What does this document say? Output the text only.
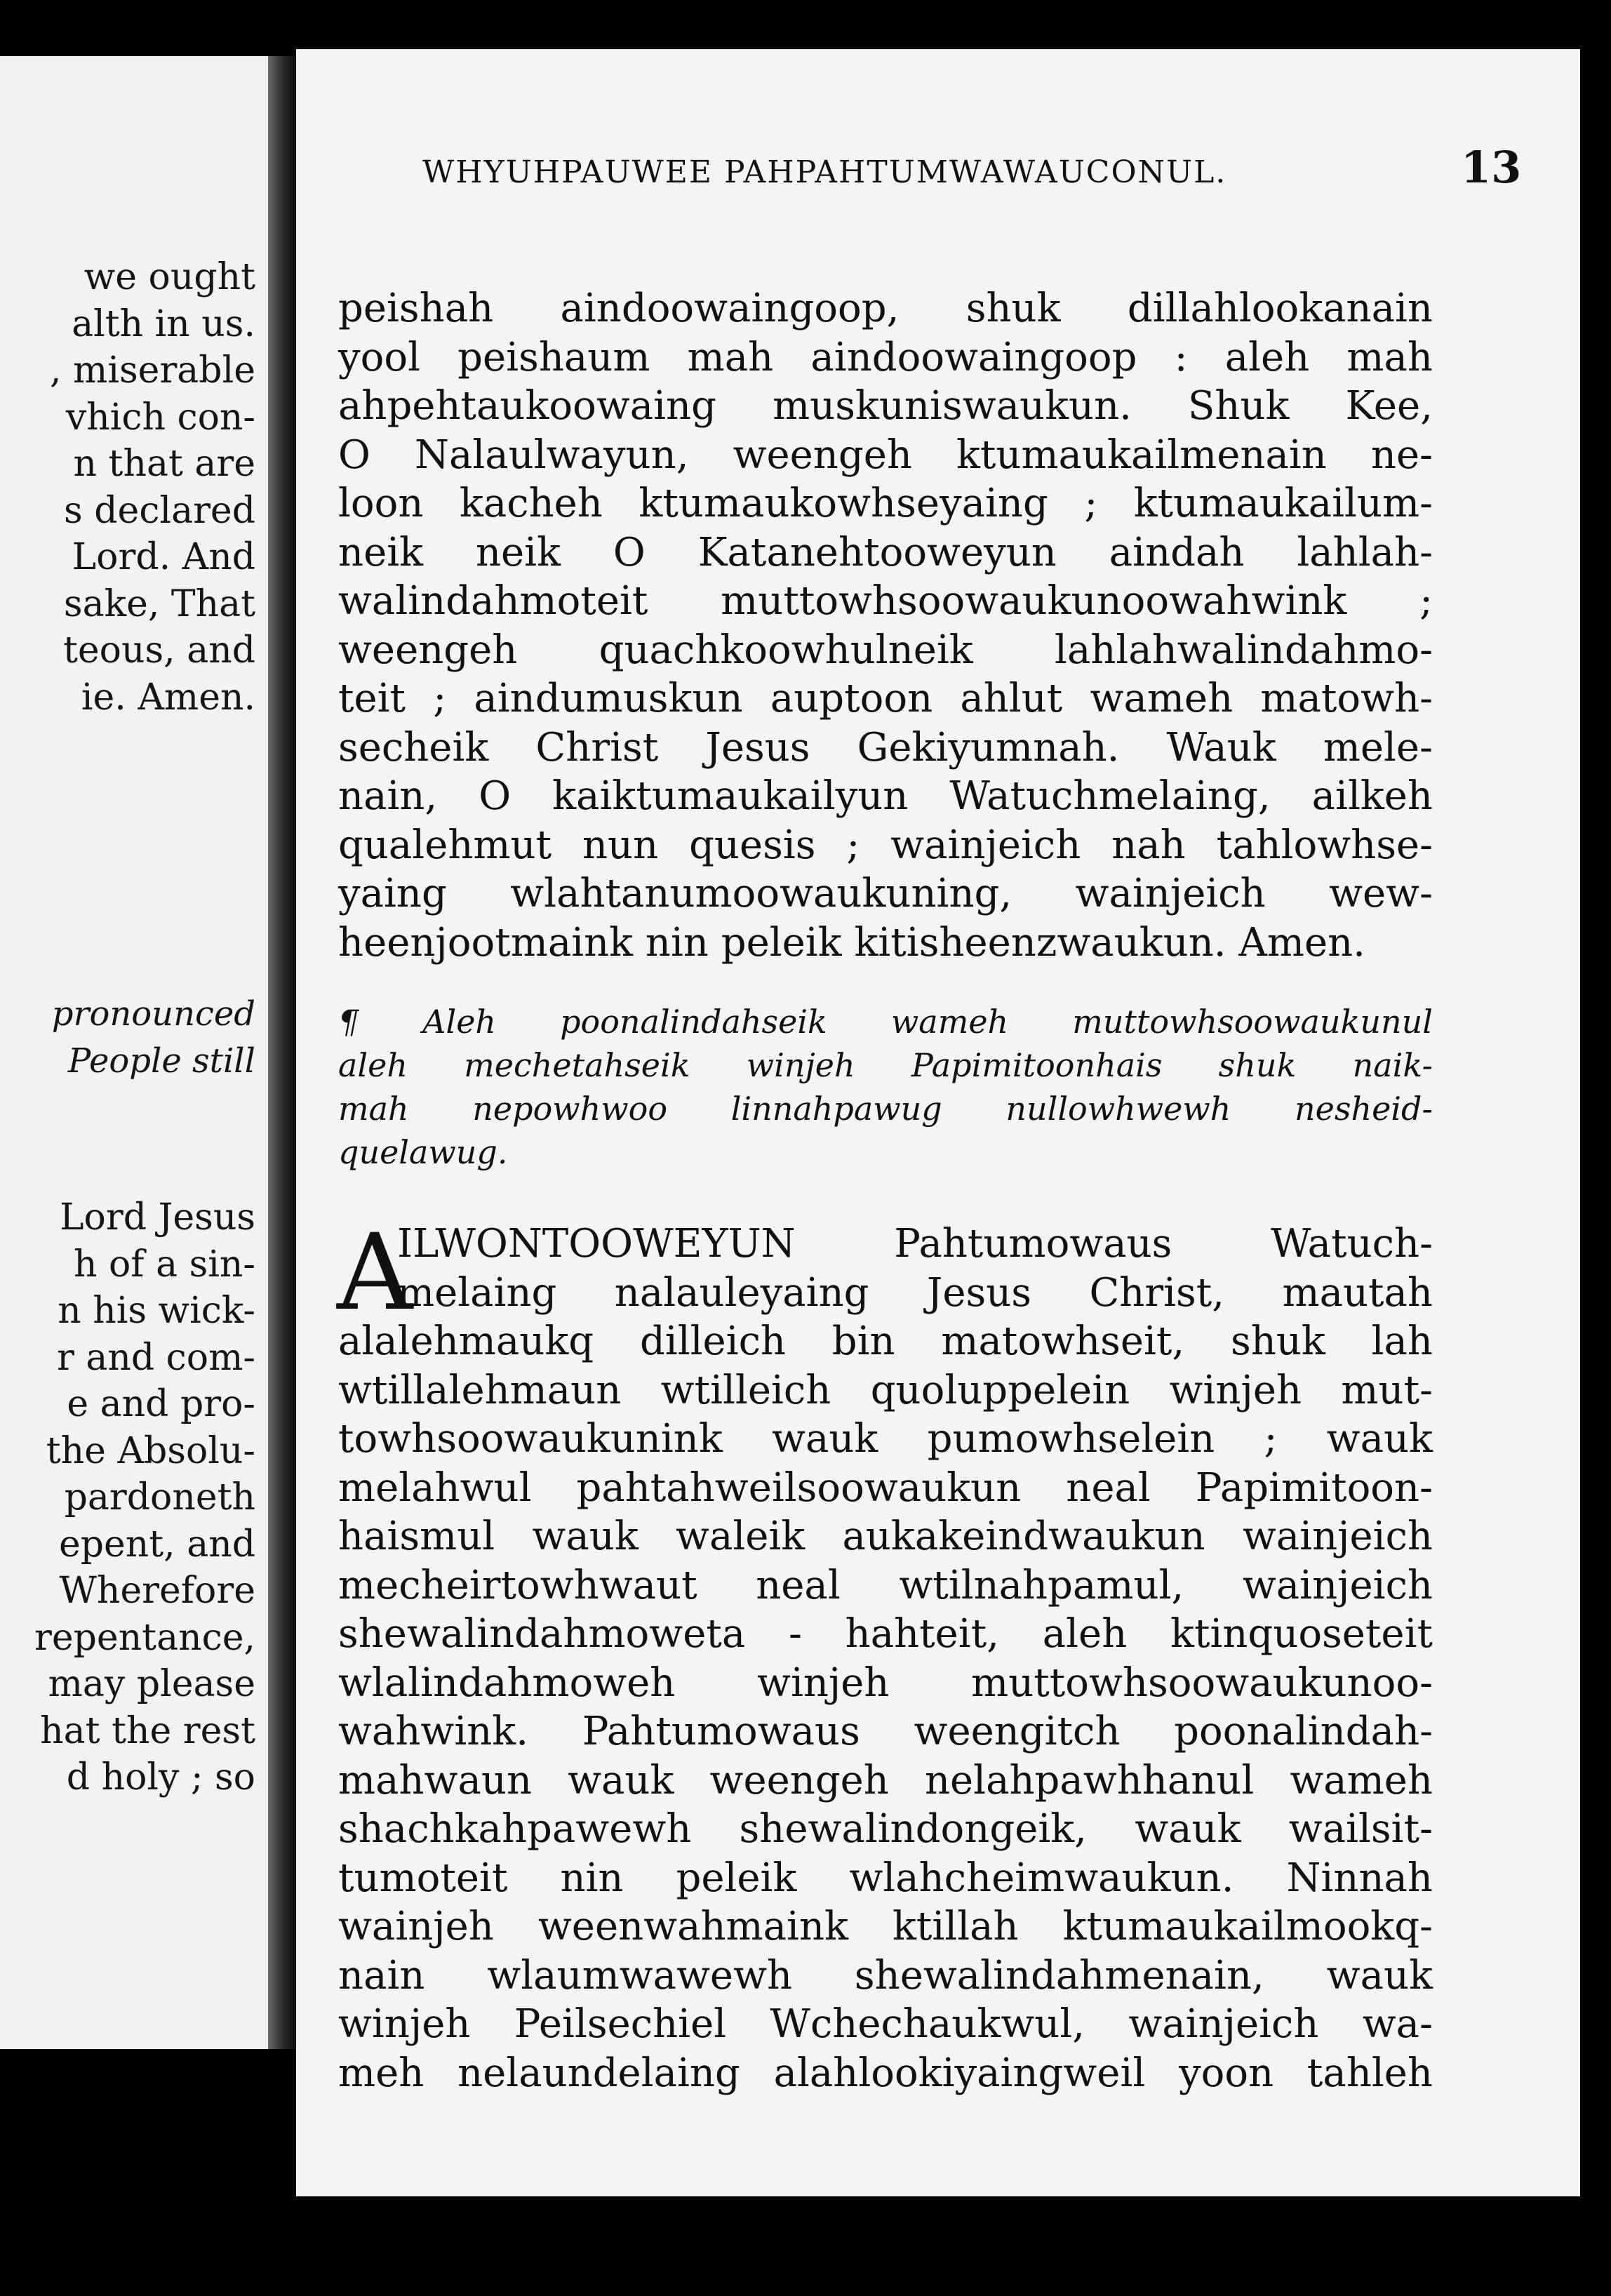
we ought
alth in us.
, miserable
vhich con-
n that are
s declared
Lord. And
sake, That
teous, and
ie. Amen.
pronounced
People still
Lord Jesus
h of a sin-
n his wick-
r and com-
e and pro-
the Absolu-
pardoneth
epent, and
Wherefore
repentance,
may please
hat the rest
d holy ; so
WHYUHPAUWEE PAHPAHTUMWAWAUCONUL.	13
peishah aindoowaingoop, shuk dillahlookanain
yool peishaum mah aindoowaingoop : aleh mah
ahpehtaukoowaing muskuniswaukun. Shuk Kee,
O Nalaulwayun, weengeh ktumaukailmenain ne-
loon kacheh ktumaukowhseyaing ; ktumaukailum-
neik neik O Katanehtooweyun aindah lahlah-
walindahmoteit muttowhsoowaukunoowahwink ;
weengeh quachkoowhulneik lahlahwalindahmo-
teit ; aindumuskun auptoon ahlut wameh matowh-
secheik Christ Jesus Gekiyumnah. Wauk mele-
nain, O kaiktumaukailyun Watuchmelaing, ailkeh
qualehmut nun quesis ; wainjeich nah tahlowhse-
yaing wlahtanumoowaukuning, wainjeich wew-
heenjootmaink nin peleik kitisheenzwaukun. Amen.
¶ Aleh poonalindahseik wameh muttowhsoowaukunul
aleh mechetahseik winjeh Papimitoonhais shuk naik-
mah nepowhwoo linnahpawug nullowhwewh nesheid-
quelawug.
A
ILWONTOOWEYUN Pahtumowaus Watuch-
melaing nalauleyaing Jesus Christ, mautah
alalehmaukq dilleich bin matowhseit, shuk lah
wtillalehmaun wtilleich quoluppelein winjeh mut-
towhsoowaukunink wauk pumowhselein ; wauk
melahwul pahtahweilsoowaukun neal Papimitoon-
haismul wauk waleik aukakeindwaukun wainjeich
mecheirtowhwaut neal wtilnahpamul, wainjeich
shewalindahmoweta - hahteit, aleh ktinquoseteit
wlalindahmoweh winjeh muttowhsoowaukunoo-
wahwink. Pahtumowaus weengitch poonalindah-
mahwaun wauk weengeh nelahpawhhanul wameh
shachkahpawewh shewalindongeik, wauk wailsit-
tumoteit nin peleik wlahcheimwaukun. Ninnah
wainjeh weenwahmaink ktillah ktumaukailmookq-
nain wlaumwawewh shewalindahmenain, wauk
winjeh Peilsechiel Wchechaukwul, wainjeich wa-
meh nelaundelaing alahlookiyaingweil yoon tahleh
